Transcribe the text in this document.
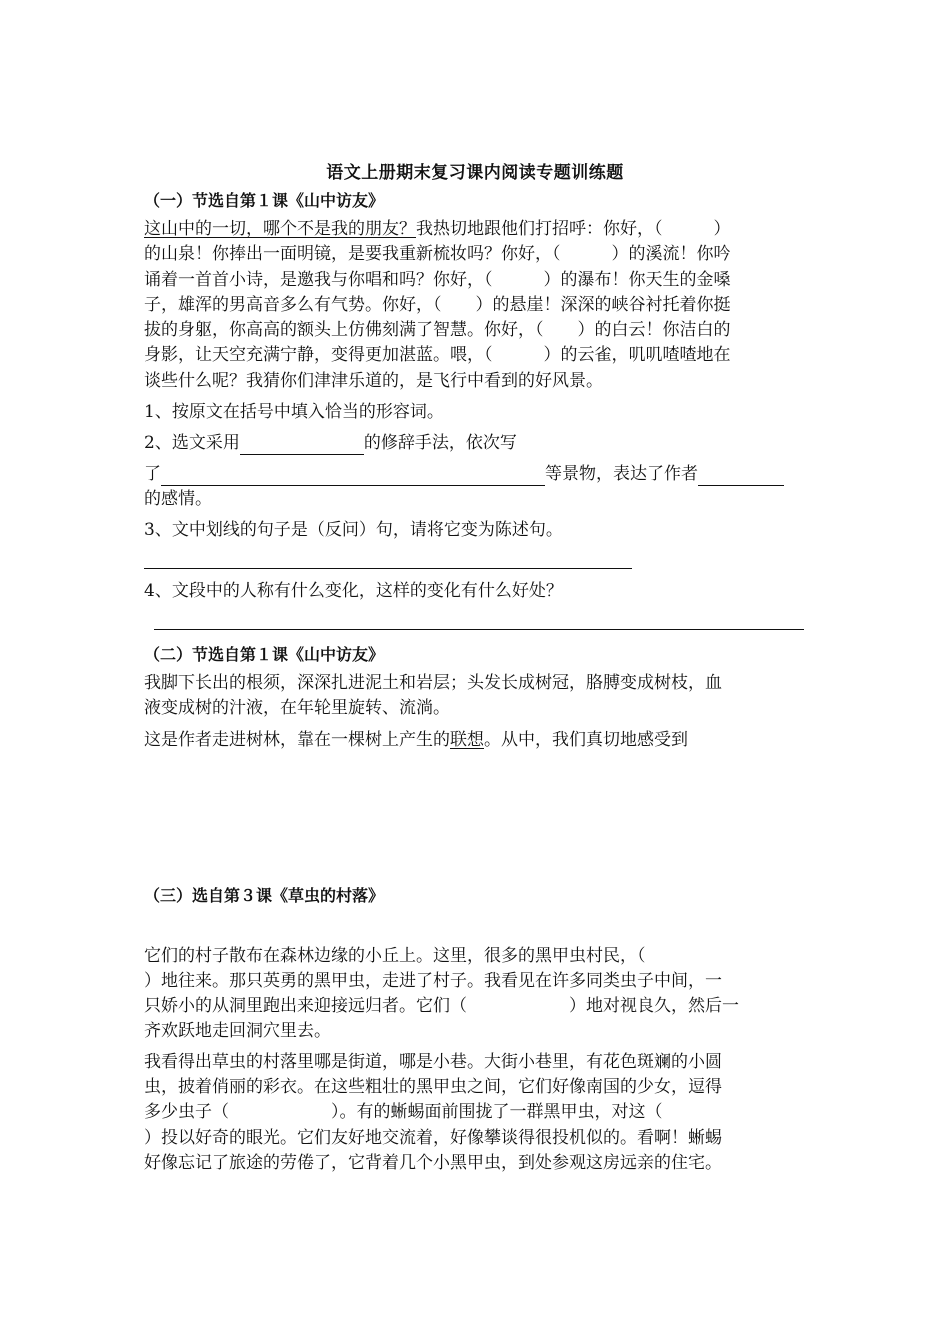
语文上册期末复习课内阅读专题训练题
（一）节选自第１课《山中访友》
这山中的一切，哪个不是我的朋友？我热切地跟他们打招呼：你好，（　　　）
的山泉！你捧出一面明镜，是要我重新梳妆吗？你好，（　　　）的溪流！你吟
诵着一首首小诗，是邀我与你唱和吗？你好，（　　　）的瀑布！你天生的金嗓
子，雄浑的男高音多么有气势。你好，（　　）的悬崖！深深的峡谷衬托着你挺
拔的身躯，你高高的额头上仿佛刻满了智慧。你好，（　　）的白云！你洁白的
身影，让天空充满宁静，变得更加湛蓝。喂，（　　　）的云雀，叽叽喳喳地在
谈些什么呢？我猜你们津津乐道的，是飞行中看到的好风景。
1、按原文在括号中填入恰当的形容词。
2、选文采用	的修辞手法，依次写
了	等景物，表达了作者
的感情。
3、文中划线的句子是（反问）句，请将它变为陈述句。
4、文段中的人称有什么变化，这样的变化有什么好处？
（二）节选自第１课《山中访友》
我脚下长出的根须，深深扎进泥土和岩层；头发长成树冠，胳膊变成树枝，血
液变成树的汁液，在年轮里旋转、流淌。
这是作者走进树林，靠在一棵树上产生的联想。从中，我们真切地感受到
（三）选自第３课《草虫的村落》
它们的村子散布在森林边缘的小丘上。这里，很多的黑甲虫村民，（
）地往来。那只英勇的黑甲虫，走进了村子。我看见在许多同类虫子中间，一
只娇小的从洞里跑出来迎接远归者。它们（　　　　　　）地对视良久，然后一
齐欢跃地走回洞穴里去。
我看得出草虫的村落里哪是街道，哪是小巷。大街小巷里，有花色斑斓的小圆
虫，披着俏丽的彩衣。在这些粗壮的黑甲虫之间，它们好像南国的少女，逗得
多少虫子（　　　　　　）。有的蜥蜴面前围拢了一群黑甲虫，对这（
）投以好奇的眼光。它们友好地交流着，好像攀谈得很投机似的。看啊！蜥蜴
好像忘记了旅途的劳倦了，它背着几个小黑甲虫，到处参观这房远亲的住宅。
